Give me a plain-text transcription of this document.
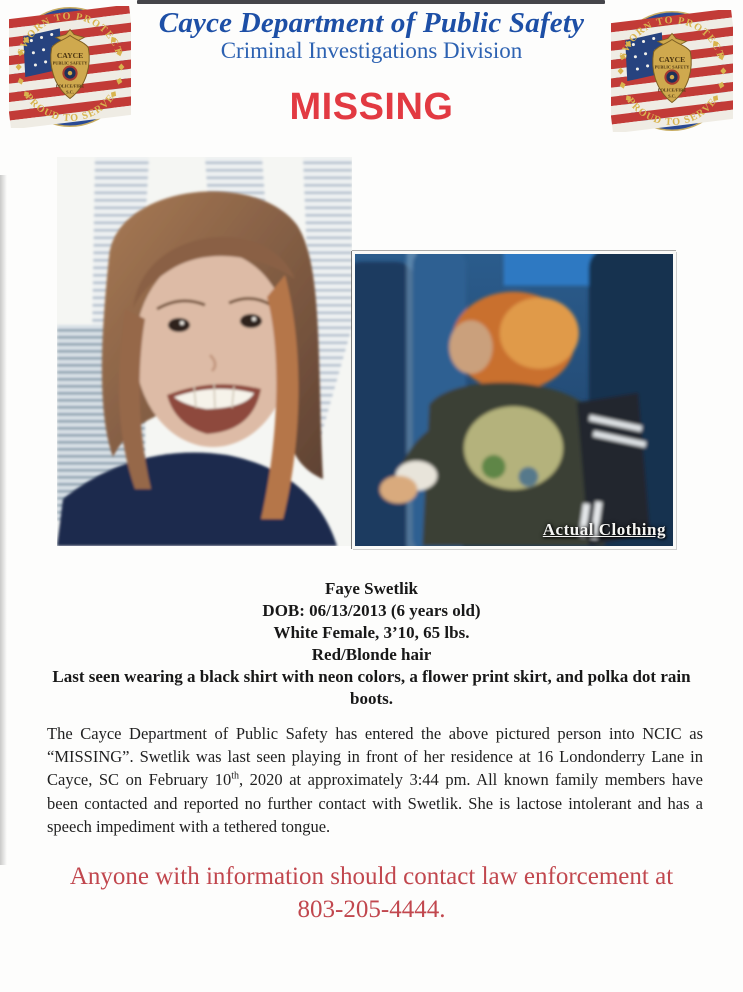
Cayce Department of Public Safety
Criminal Investigations Division
MISSING
Actual Clothing
Faye Swetlik
DOB: 06/13/2013 (6 years old)
White Female, 3’10, 65 lbs.
Red/Blonde hair
Last seen wearing a black shirt with neon colors, a flower print skirt, and polka dot rain boots.

The Cayce Department of Public Safety has entered the above pictured person into NCIC as “MISSING”. Swetlik was last seen playing in front of her residence at 16 Londonderry Lane in Cayce, SC on February 10th, 2020 at approximately 3:44 pm. All known family members have been contacted and reported no further contact with Swetlik. She is lactose intolerant and has a speech impediment with a tethered tongue.

Anyone with information should contact law enforcement at
803-205-4444.
